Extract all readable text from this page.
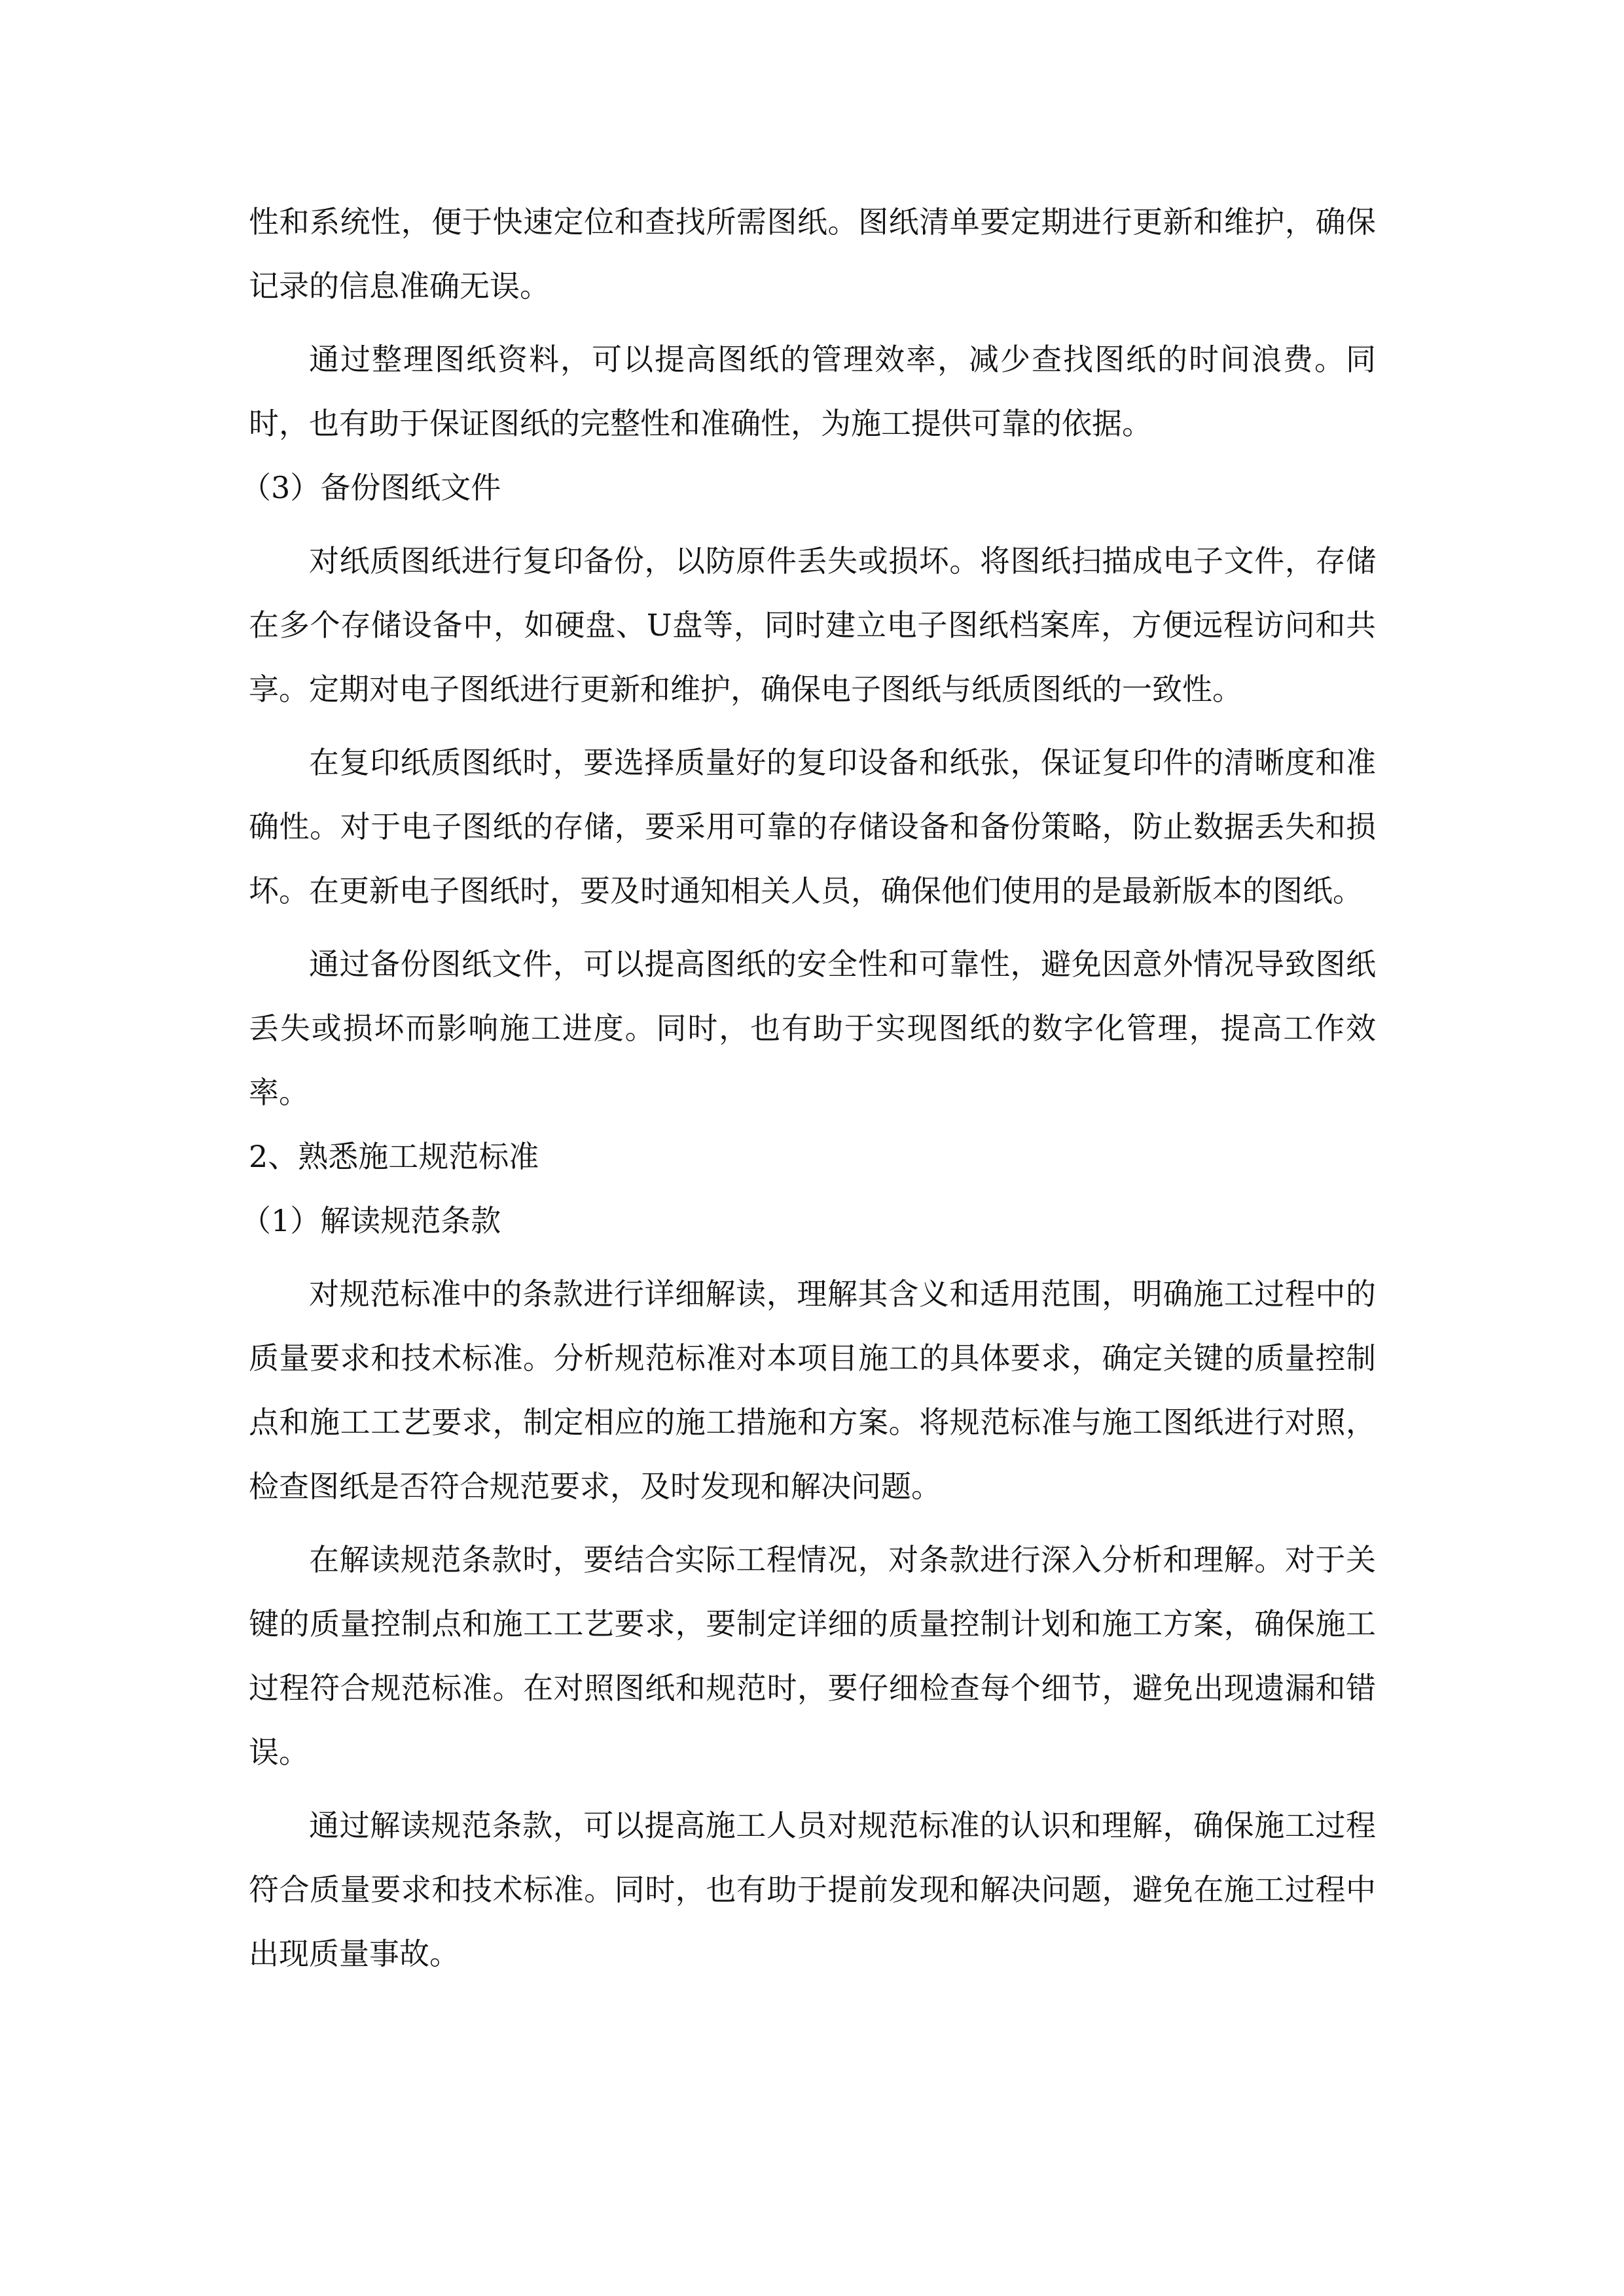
性和系统性，便于快速定位和查找所需图纸。图纸清单要定期进行更新和维护，确保记录的信息准确无误。

通过整理图纸资料，可以提高图纸的管理效率，减少查找图纸的时间浪费。同时，也有助于保证图纸的完整性和准确性，为施工提供可靠的依据。

（3）备份图纸文件

对纸质图纸进行复印备份，以防原件丢失或损坏。将图纸扫描成电子文件，存储在多个存储设备中，如硬盘、U盘等，同时建立电子图纸档案库，方便远程访问和共享。定期对电子图纸进行更新和维护，确保电子图纸与纸质图纸的一致性。

在复印纸质图纸时，要选择质量好的复印设备和纸张，保证复印件的清晰度和准确性。对于电子图纸的存储，要采用可靠的存储设备和备份策略，防止数据丢失和损坏。在更新电子图纸时，要及时通知相关人员，确保他们使用的是最新版本的图纸。

通过备份图纸文件，可以提高图纸的安全性和可靠性，避免因意外情况导致图纸丢失或损坏而影响施工进度。同时，也有助于实现图纸的数字化管理，提高工作效率。

2、熟悉施工规范标准

（1）解读规范条款

对规范标准中的条款进行详细解读，理解其含义和适用范围，明确施工过程中的质量要求和技术标准。分析规范标准对本项目施工的具体要求，确定关键的质量控制点和施工工艺要求，制定相应的施工措施和方案。将规范标准与施工图纸进行对照，检查图纸是否符合规范要求，及时发现和解决问题。

在解读规范条款时，要结合实际工程情况，对条款进行深入分析和理解。对于关键的质量控制点和施工工艺要求，要制定详细的质量控制计划和施工方案，确保施工过程符合规范标准。在对照图纸和规范时，要仔细检查每个细节，避免出现遗漏和错误。

通过解读规范条款，可以提高施工人员对规范标准的认识和理解，确保施工过程符合质量要求和技术标准。同时，也有助于提前发现和解决问题，避免在施工过程中出现质量事故。
